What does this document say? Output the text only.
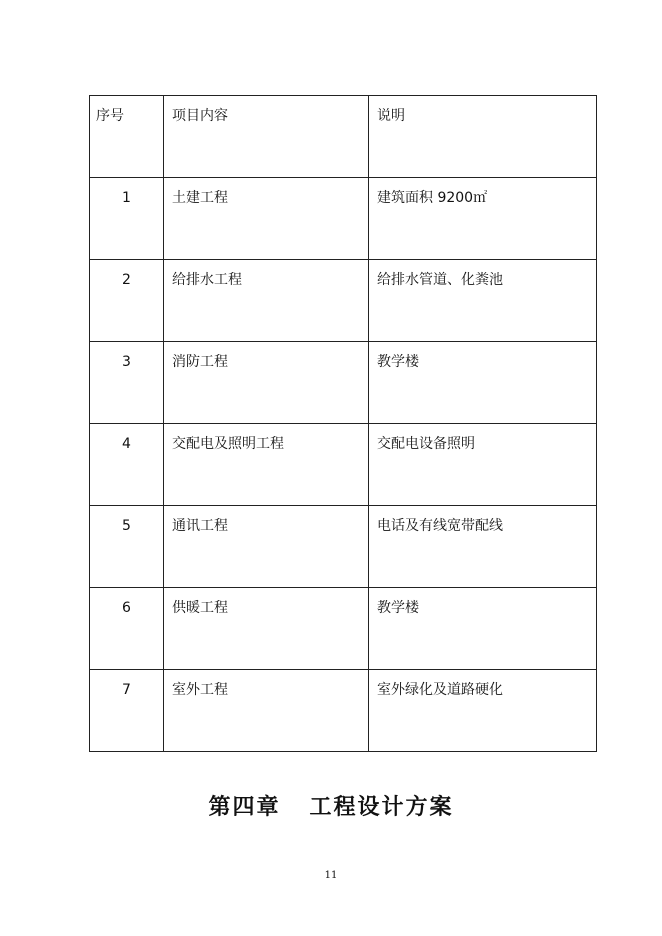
序号	项目内容	说明
1	土建工程	建筑面积 9200㎡
2	给排水工程	给排水管道、化粪池
3	消防工程	教学楼
4	交配电及照明工程	交配电设备照明
5	通讯工程	电话及有线宽带配线
6	供暖工程	教学楼
7	室外工程	室外绿化及道路硬化
第四章   工程设计方案
11
